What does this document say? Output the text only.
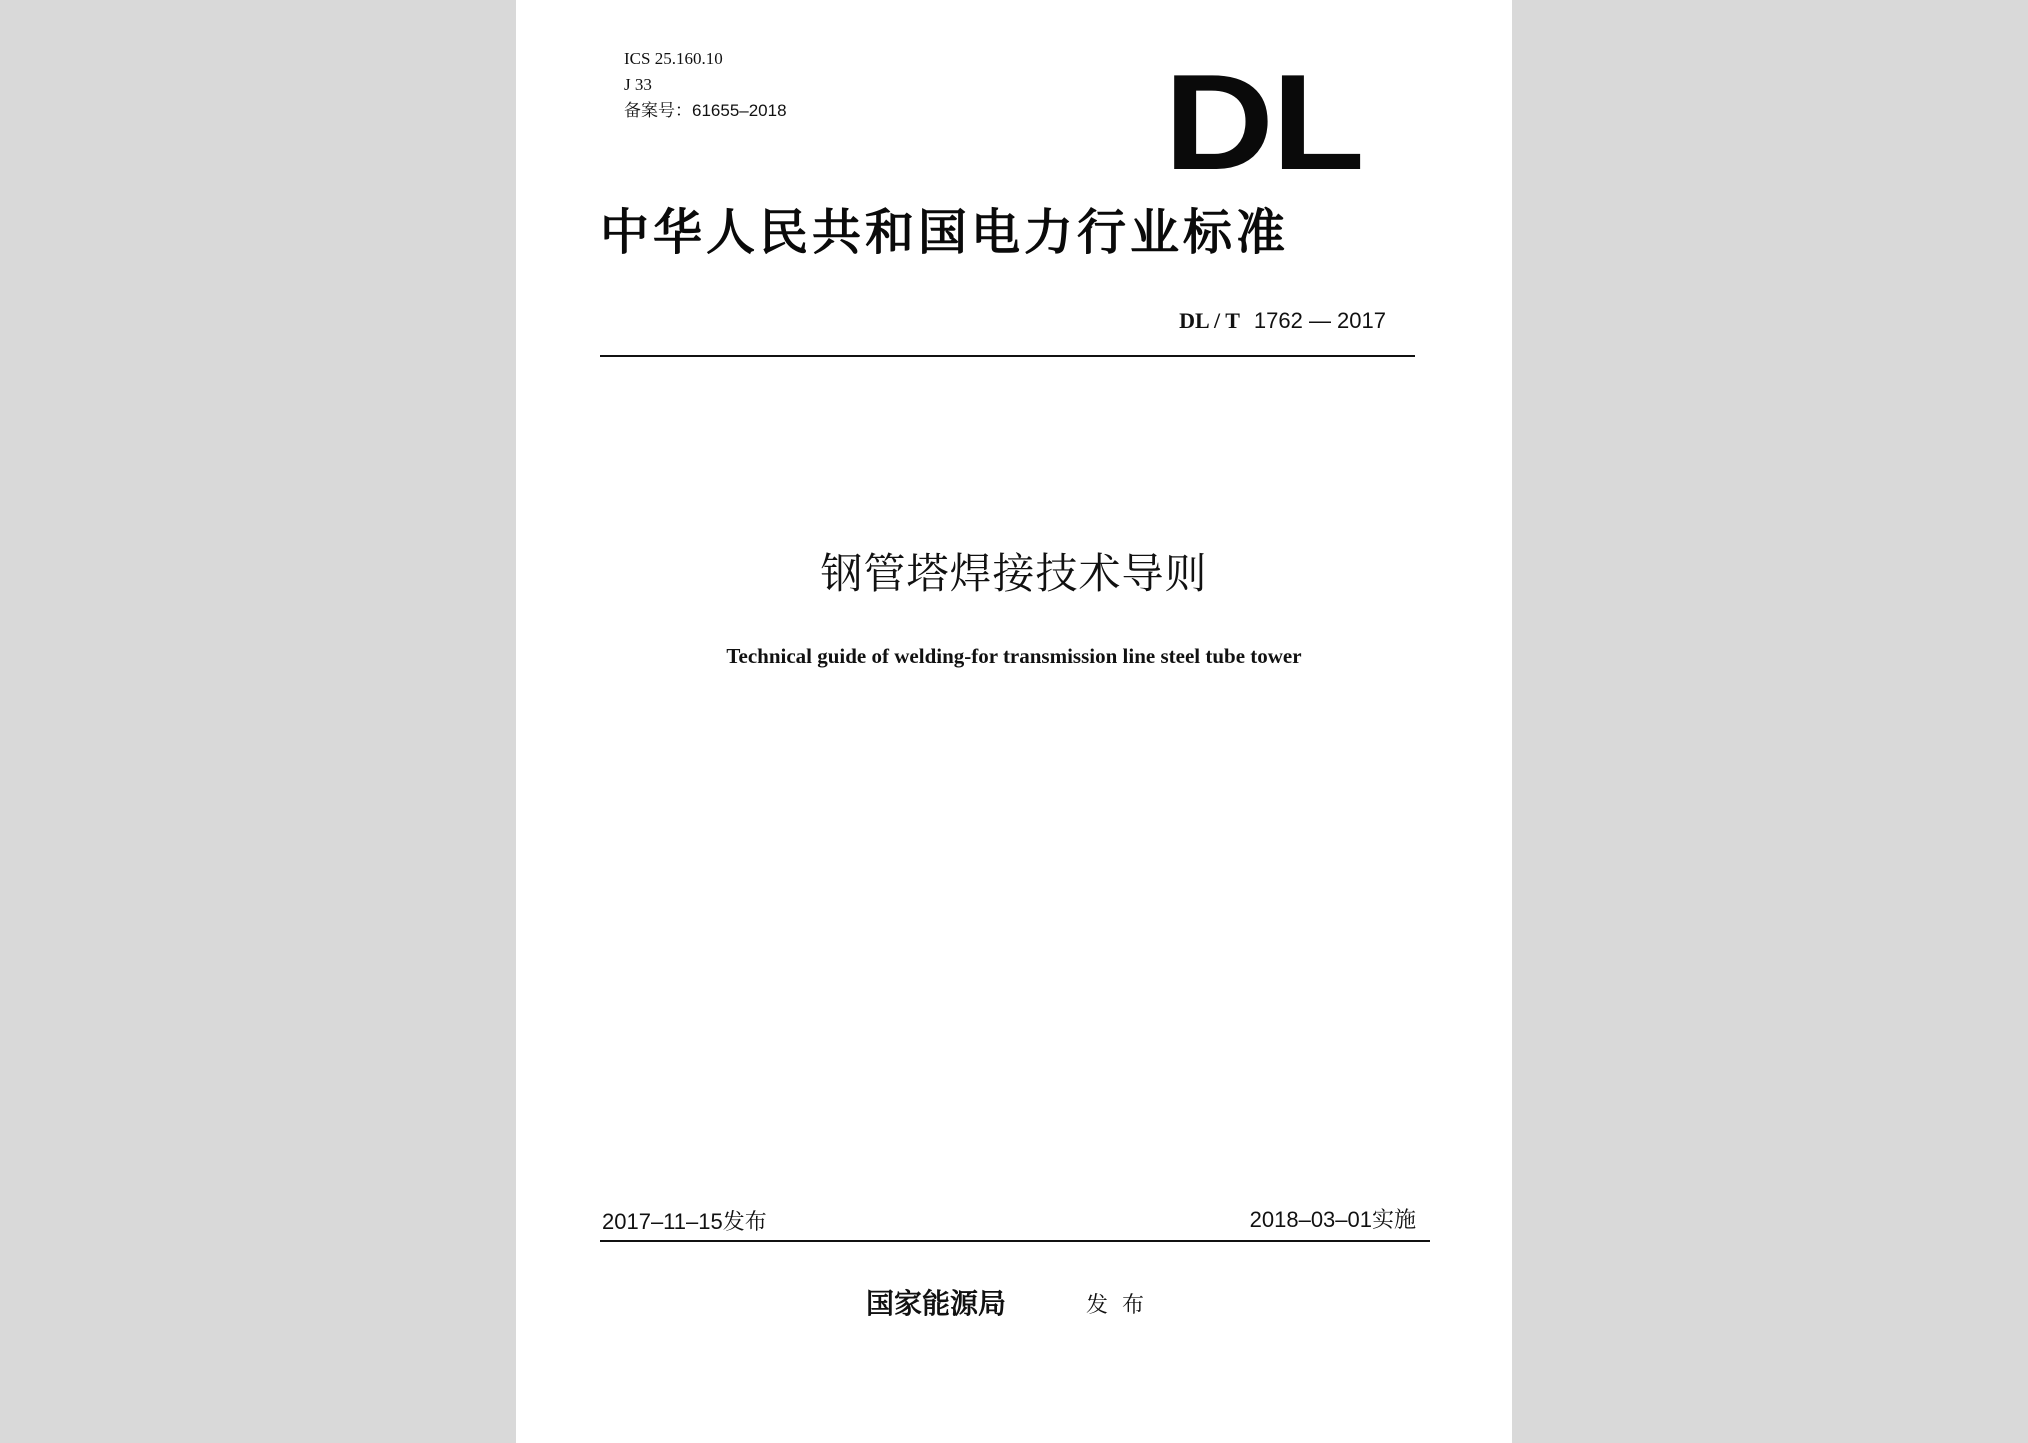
ICS 25.160.10
J 33
备案号：61655–2018	DL
中华人民共和国电力行业标准
DL / T 1762 — 2017
钢管塔焊接技术导则
Technical guide of welding-for transmission line steel tube tower
2017–11–15发布	2018–03–01实施
国家能源局	发布
